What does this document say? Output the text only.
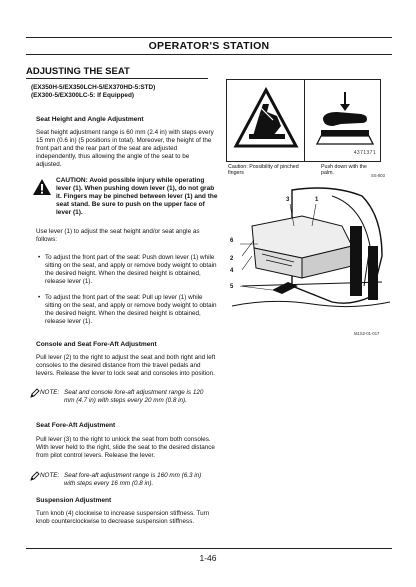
OPERATOR'S STATION
ADJUSTING THE SEAT
(EX350H-5/EX350LCH-5/EX370HD-5:STD)
(EX300-5/EX300LC-5: If Equipped)
Seat Height and Angle Adjustment
Seat height adjustment range is 60 mm (2.4 in) with steps every 15 mm (0.6 in) (5 positions in total). Moreover, the height of the front part and the rear part of the seat are adjusted independently, thus allowing the angle of the seat to be adjusted.
CAUTION: Avoid possible injury while operating lever (1). When pushing down lever (1), do not grab it. Fingers may be pinched between lever (1) and the seat stand. Be sure to push on the upper face of lever (1).
Use lever (1) to adjust the seat height and/or seat angle as follows:
• To adjust the front part of the seat: Push down lever (1) while sitting on the seat, and apply or remove body weight to obtain the desired height. When the desired height is obtained, release lever (1).
• To adjust the front part of the seat: Pull up lever (1) while sitting on the seat, and apply or remove body weight to obtain the desired height. When the desired height is obtained, release lever (1).
Console and Seat Fore-Aft Adjustment
Pull lever (2) to the right to adjust the seat and both right and left consoles to the desired distance from the travel pedals and levers. Release the lever to lock seat and consoles into position.
NOTE: Seat and console fore-aft adjustment range is 120 mm (4.7 in) with steps every 20 mm (0.8 in).
Seat Fore-Aft Adjustment
Pull lever (3) to the right to unlock the seat from both consoles. With lever held to the right, slide the seat to the desired distance from pilot control levers. Release the lever.
NOTE: Seat fore-aft adjustment range is 160 mm (6.3 in) with steps every 16 mm (0.8 in).
Suspension Adjustment
Turn knob (4) clockwise to increase suspension stiffness. Turn knob counterclockwise to decrease suspension stiffness.
4371371
Caution: Possibility of pinched fingers
Push down with the palm.	SS-803
3	1
6
2
4
5
M1S2-01-017
1-46
